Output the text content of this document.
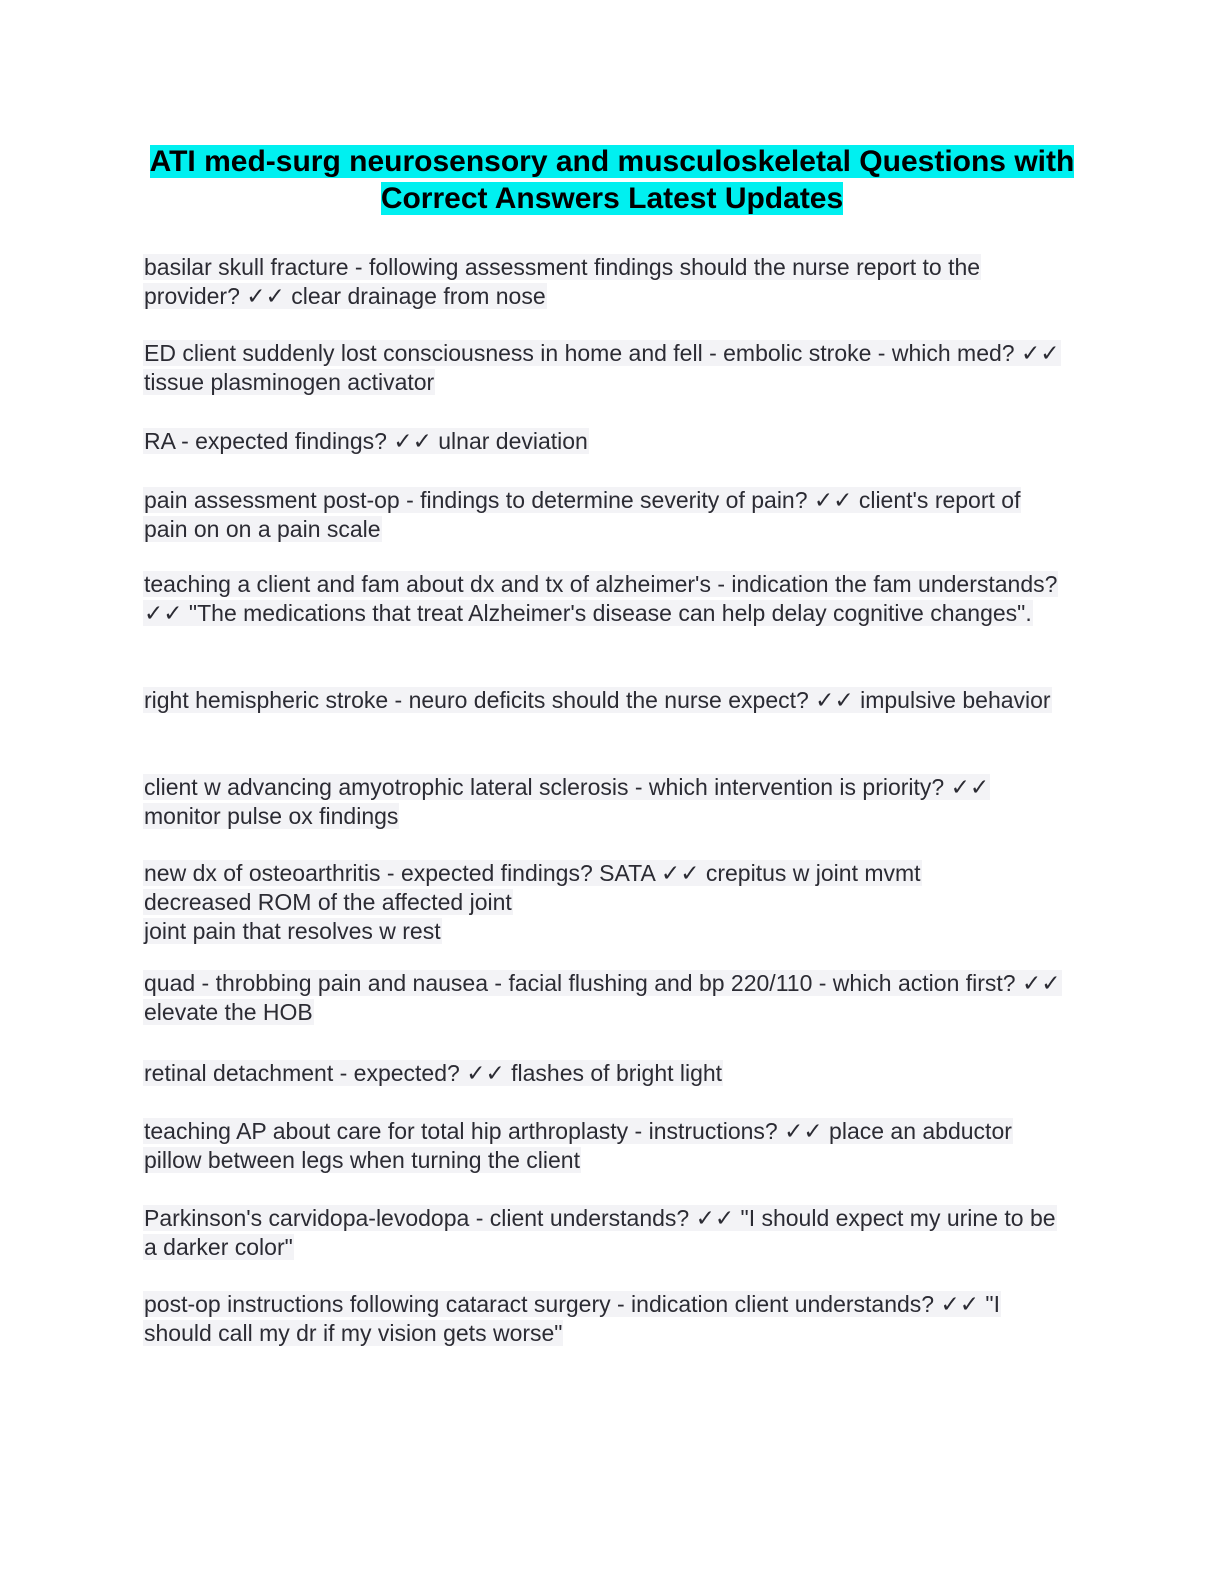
ATI med-surg neurosensory and musculoskeletal Questions with Correct Answers Latest Updates

basilar skull fracture - following assessment findings should the nurse report to the provider? ✓✓ clear drainage from nose

ED client suddenly lost consciousness in home and fell - embolic stroke - which med? ✓✓ tissue plasminogen activator

RA - expected findings? ✓✓ ulnar deviation

pain assessment post-op - findings to determine severity of pain? ✓✓ client's report of pain on on a pain scale

teaching a client and fam about dx and tx of alzheimer's - indication the fam understands? ✓✓ "The medications that treat Alzheimer's disease can help delay cognitive changes".

right hemispheric stroke - neuro deficits should the nurse expect? ✓✓ impulsive behavior

client w advancing amyotrophic lateral sclerosis - which intervention is priority? ✓✓ monitor pulse ox findings

new dx of osteoarthritis - expected findings? SATA ✓✓ crepitus w joint mvmt
decreased ROM of the affected joint
joint pain that resolves w rest

quad - throbbing pain and nausea - facial flushing and bp 220/110 - which action first? ✓✓ elevate the HOB

retinal detachment - expected? ✓✓ flashes of bright light

teaching AP about care for total hip arthroplasty - instructions? ✓✓ place an abductor pillow between legs when turning the client

Parkinson's carvidopa-levodopa - client understands? ✓✓ "I should expect my urine to be a darker color"

post-op instructions following cataract surgery - indication client understands? ✓✓ "I should call my dr if my vision gets worse"
